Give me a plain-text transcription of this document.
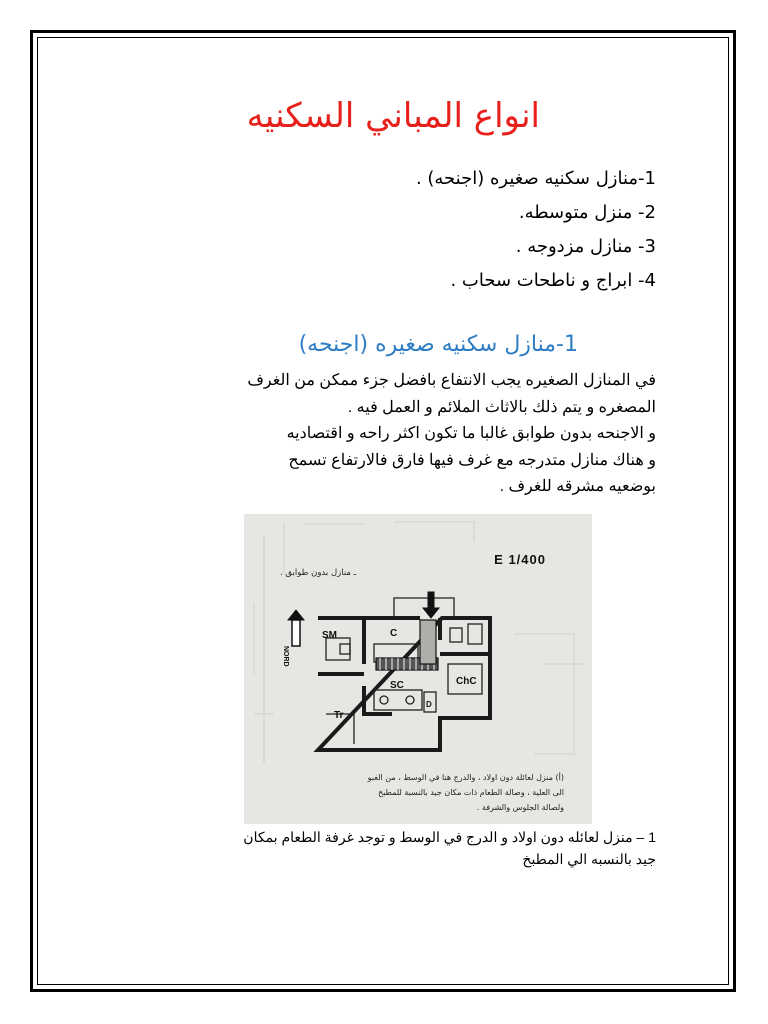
انواع المباني السكنيه
1-منازل سكنيه صغيره (اجنحه) .
2- منزل متوسطه.
3- منازل مزدوجه .
4- ابراج و ناطحات سحاب .
1-منازل سكنيه صغيره (اجنحه)

في المنازل الصغيره يجب الانتفاع بافضل جزء ممكن من الغرف
المصغره و يتم ذلك بالاثاث الملائم و العمل فيه .
و الاجنحه بدون طوابق غالبا ما تكون اكثر راحه و اقتصاديه
و هناك منازل متدرجه مع غرف فيها فارق فالارتفاع تسمح
بوضعيه مشرقه للغرف .

E 1/400
ـ منازل بدون طوابق .
SM	C
SC	ChC
Tr
D
NORD
(أ) منزل لعائلة دون اولاد ، والدرج هنا في الوسط ، من الغبو
الى العلية ، وصالة الطعام ذات مكان جيد بالنسبة للمطبخ
ولصالة الجلوس والشرفة .
1 – منزل لعائله دون اولاد و الدرج في الوسط و توجد غرفة الطعام بمكان
جيد بالنسبه الي المطبخ
